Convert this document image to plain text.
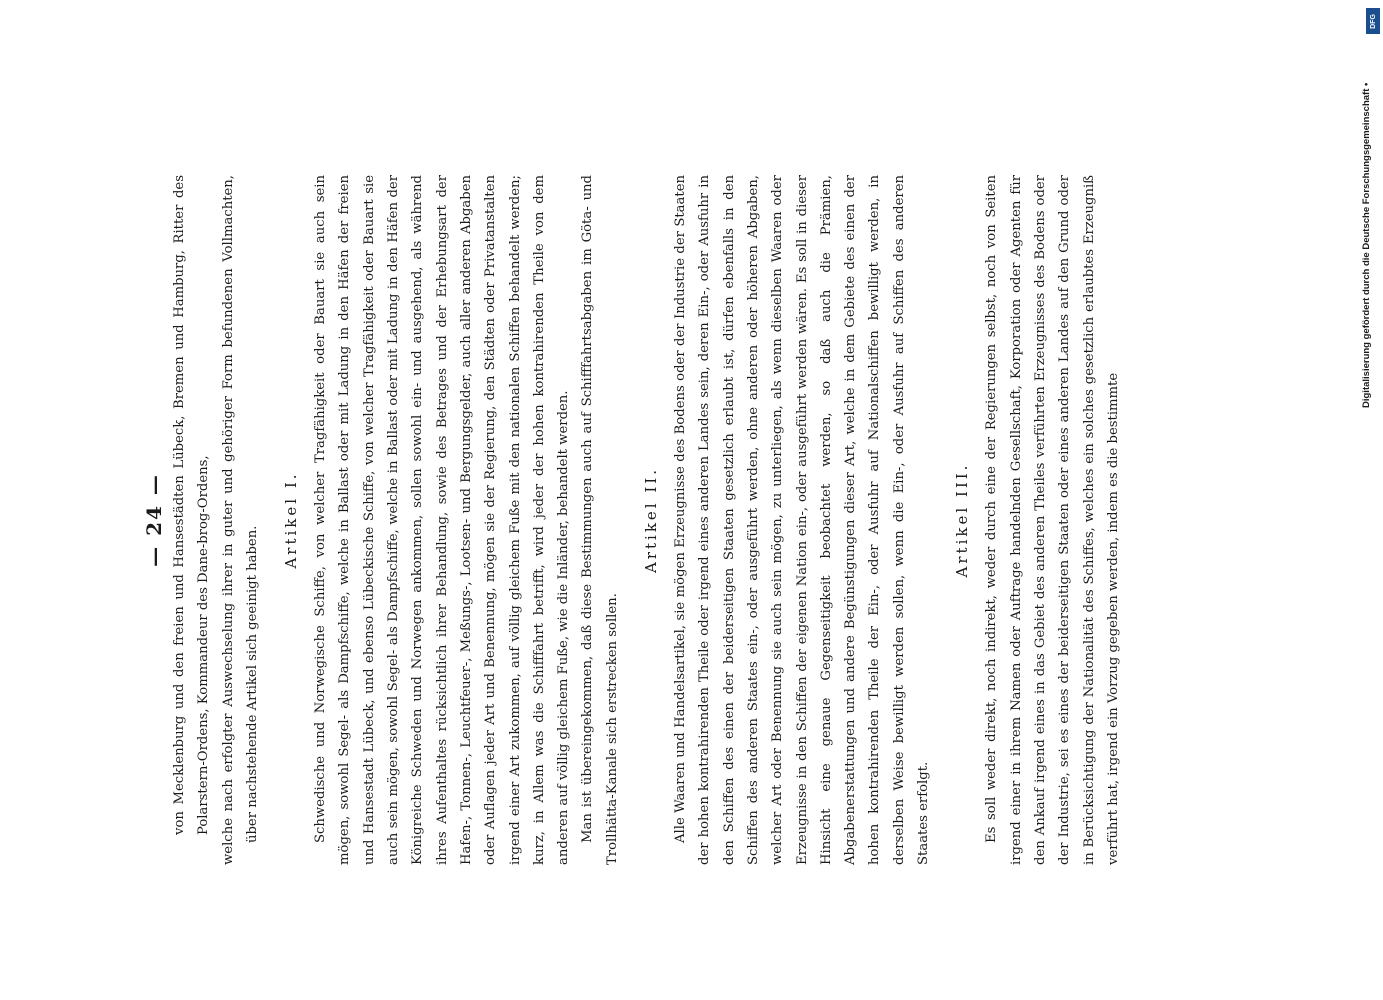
— 24 — von Mecklenburg und den freien und Hansestädten Lübeck, Bremen und Hamburg, Ritter des Polarstern-Ordens, Kommandeur des Dane-brog-Ordens, welche nach erfolgter Auswechselung ihrer in guter und gehöriger Form befundenen Vollmachten, über nachstehende Artikel sich geeinigt haben.

Artikel I. Schwedische und Norwegische Schiffe, von welcher Tragfähigkeit oder Bauart sie auch sein mögen, sowohl Segel- als Dampfschiffe, welche in Ballast oder mit Ladung in den Häfen der freien und Hansestadt Lübeck, und ebenso Lübeckische Schiffe, von welcher Tragfähigkeit oder Bauart sie auch sein mögen, sowohl Segel- als Dampfschiffe, welche in Ballast oder mit Ladung in den Häfen der Königreiche Schweden und Norwegen ankommen, sollen sowohl ein- und ausgehend, als während ihres Aufenthaltes rücksichtlich ihrer Behandlung, sowie des Betrages und der Erhebungsart der Hafen-, Tonnen-, Leuchtfeuer-, Meßungs-, Lootsen- und Bergungsgelder, auch aller anderen Abgaben oder Auflagen jeder Art und Benennung, mögen sie der Regierung, den Städten oder Privatanstalten irgend einer Art zukommen, auf völlig gleichem Fuße mit den nationalen Schiffen behandelt werden; kurz, in Allem was die Schifffahrt betrifft, wird jeder der hohen kontrahirenden Theile von dem anderen auf völlig gleichem Fuße, wie die Inländer, behandelt werden. Man ist übereingekommen, daß diese Bestimmungen auch auf Schifffahrtsabgaben im Göta- und Trollhätta-Kanale sich erstrecken sollen.

Artikel II. Alle Waaren und Handelsartikel, sie mögen Erzeugnisse des Bodens oder der Industrie der Staaten der hohen kontrahirenden Theile oder irgend eines anderen Landes sein, deren Ein-, oder Ausfuhr in den Schiffen des einen der beiderseitigen Staaten gesetzlich erlaubt ist, dürfen ebenfalls in den Schiffen des anderen Staates ein-, oder ausgeführt werden, ohne anderen oder höheren Abgaben, welcher Art oder Benennung sie auch sein mögen, zu unterliegen, als wenn dieselben Waaren oder Erzeugnisse in den Schiffen der eigenen Nation ein-, oder ausgeführt werden wären. Es soll in dieser Hinsicht eine genaue Gegenseitigkeit beobachtet werden, so daß auch die Prämien, Abgabenerstattungen und andere Begünstigungen dieser Art, welche in dem Gebiete des einen der hohen kontrahirenden Theile der Ein-, oder Ausfuhr auf Nationalschiffen bewilligt werden, in derselben Weise bewilligt werden sollen, wenn die Ein-, oder Ausfuhr auf Schiffen des anderen Staates erfolgt.

Artikel III. Es soll weder direkt, noch indirekt, weder durch eine der Regierungen selbst, noch von Seiten irgend einer in ihrem Namen oder Auftrage handelnden Gesellschaft, Korporation oder Agenten für den Ankauf irgend eines in das Gebiet des anderen Theiles verführten Erzeugnisses des Bodens oder der Industrie, sei es eines der beiderseitigen Staaten oder eines anderen Landes auf den Grund oder in Berücksichtigung der Nationalität des Schiffes, welches ein solches gesetzlich erlaubtes Erzeugniß verführt hat, irgend ein Vorzug gegeben werden, indem es die bestimmte

DFG
Digitalisierung gefördert durch die Deutsche Forschungsgemeinschaft •
